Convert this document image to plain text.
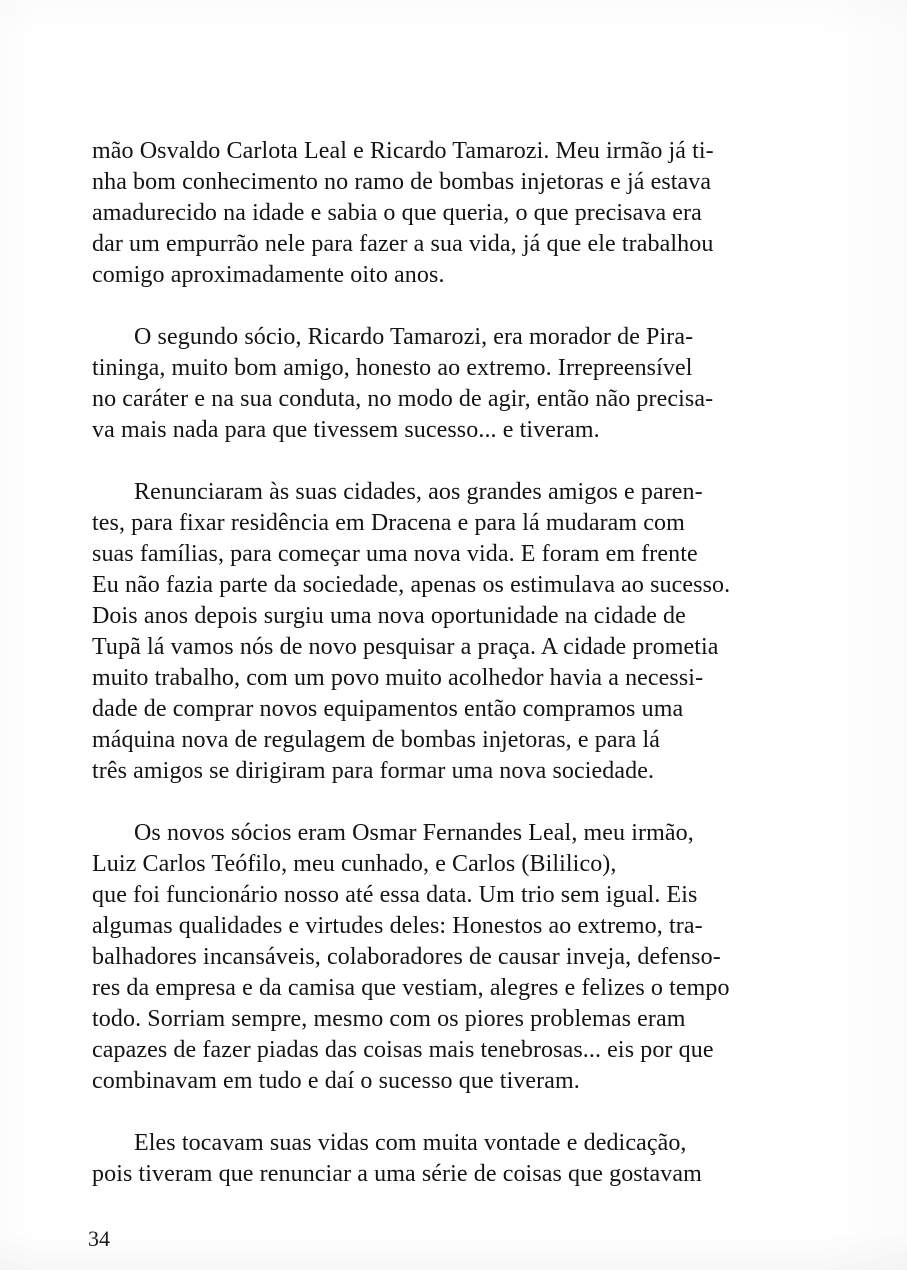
mão Osvaldo Carlota Leal e Ricardo Tamarozi. Meu irmão já ti-
nha bom conhecimento no ramo de bombas injetoras e já estava
amadurecido na idade e sabia o que queria, o que precisava era
dar um empurrão nele para fazer a sua vida, já que ele trabalhou
comigo aproximadamente oito anos.

O segundo sócio, Ricardo Tamarozi, era morador de Pira-
tininga, muito bom amigo, honesto ao extremo. Irrepreensível
no caráter e na sua conduta, no modo de agir, então não precisa-
va mais nada para que tivessem sucesso... e tiveram.

Renunciaram às suas cidades, aos grandes amigos e paren-
tes, para fixar residência em Dracena e para lá mudaram com
suas famílias, para começar uma nova vida. E foram em frente
Eu não fazia parte da sociedade, apenas os estimulava ao sucesso.
Dois anos depois surgiu uma nova oportunidade na cidade de
Tupã lá vamos nós de novo pesquisar a praça. A cidade prometia
muito trabalho, com um povo muito acolhedor havia a necessi-
dade de comprar novos equipamentos então compramos uma
máquina nova de regulagem de bombas injetoras, e para lá
três amigos se dirigiram para formar uma nova sociedade.

Os novos sócios eram Osmar Fernandes Leal, meu irmão,
Luiz Carlos Teófilo, meu cunhado, e Carlos (Bililico),
que foi funcionário nosso até essa data. Um trio sem igual. Eis
algumas qualidades e virtudes deles: Honestos ao extremo, tra-
balhadores incansáveis, colaboradores de causar inveja, defenso-
res da empresa e da camisa que vestiam, alegres e felizes o tempo
todo. Sorriam sempre, mesmo com os piores problemas eram
capazes de fazer piadas das coisas mais tenebrosas... eis por que
combinavam em tudo e daí o sucesso que tiveram.

Eles tocavam suas vidas com muita vontade e dedicação,
pois tiveram que renunciar a uma série de coisas que gostavam

34
